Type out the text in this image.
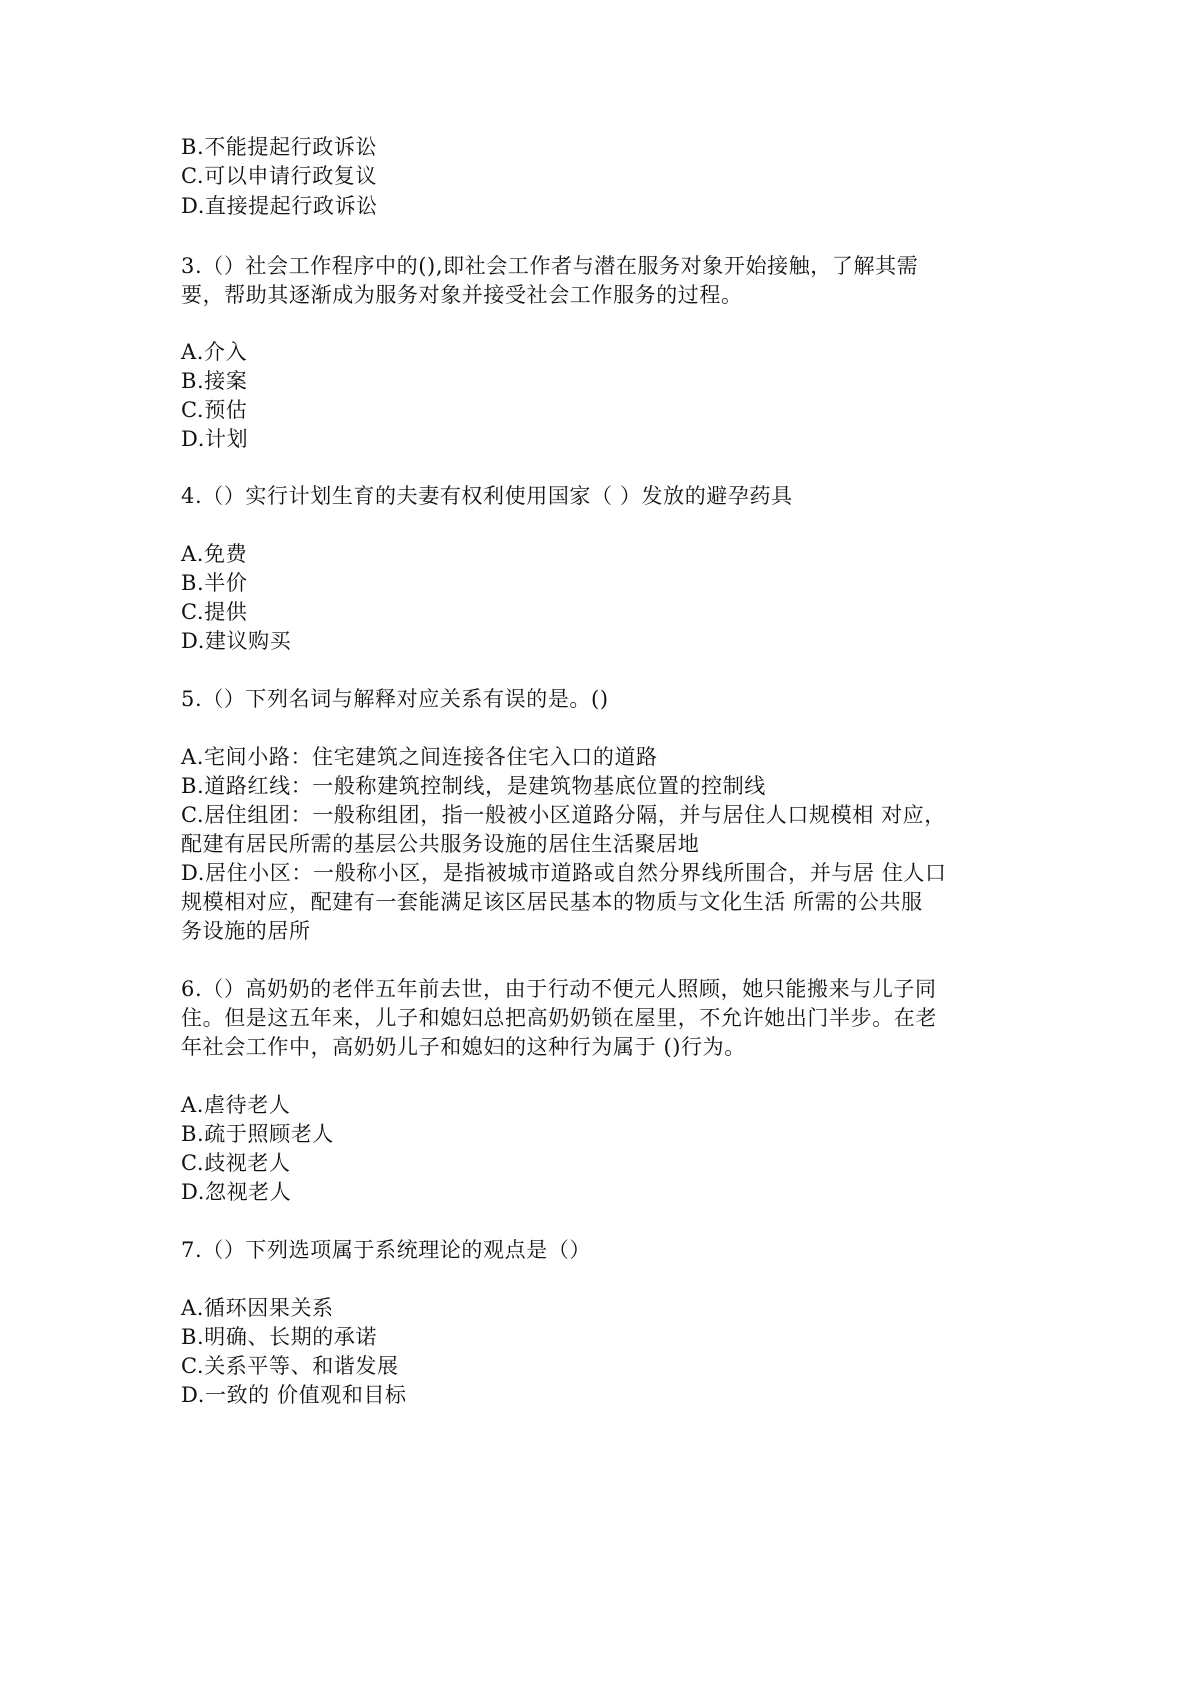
B.不能提起行政诉讼
C.可以申请行政复议
D.直接提起行政诉讼
3.（）社会工作程序中的(),即社会工作者与潜在服务对象开始接触，了解其需
要，帮助其逐渐成为服务对象并接受社会工作服务的过程。
A.介入
B.接案
C.预估
D.计划
4.（）实行计划生育的夫妻有权利使用国家（ ）发放的避孕药具
A.免费
B.半价
C.提供
D.建议购买
5.（）下列名词与解释对应关系有误的是。()
A.宅间小路：住宅建筑之间连接各住宅入口的道路
B.道路红线：一般称建筑控制线，是建筑物基底位置的控制线
C.居住组团：一般称组团，指一般被小区道路分隔，并与居住人口规模相 对应，
配建有居民所需的基层公共服务设施的居住生活聚居地
D.居住小区：一般称小区，是指被城市道路或自然分界线所围合，并与居 住人口
规模相对应，配建有一套能满足该区居民基本的物质与文化生活 所需的公共服
务设施的居所
6.（）高奶奶的老伴五年前去世，由于行动不便元人照顾，她只能搬来与儿子同
住。但是这五年来，儿子和媳妇总把高奶奶锁在屋里，不允许她出门半步。在老
年社会工作中，高奶奶儿子和媳妇的这种行为属于 ()行为。
A.虐待老人
B.疏于照顾老人
C.歧视老人
D.忽视老人
7.（）下列选项属于系统理论的观点是（）
A.循环因果关系
B.明确、长期的承诺
C.关系平等、和谐发展
D.一致的 价值观和目标
